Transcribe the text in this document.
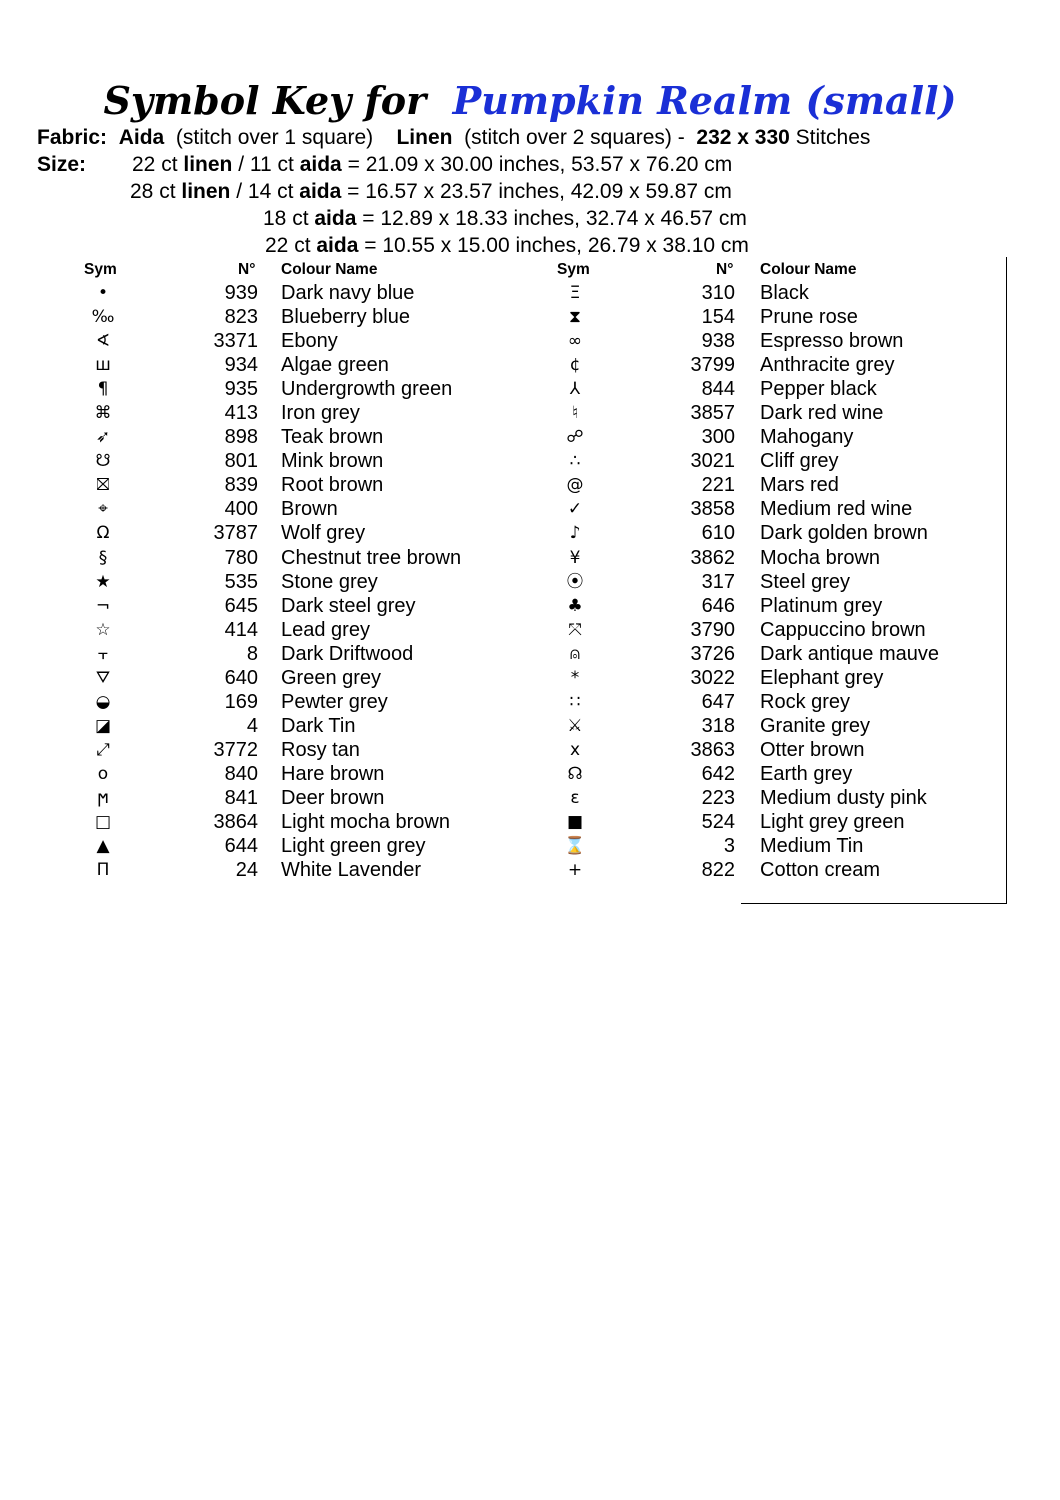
Symbol Key for Pumpkin Realm (small)
Fabric: Aida (stitch over 1 square) Linen (stitch over 2 squares) - 232 x 330 Stitches
Size: 22 ct linen / 11 ct aida = 21.09 x 30.00 inches, 53.57 x 76.20 cm
28 ct linen / 14 ct aida = 16.57 x 23.57 inches, 42.09 x 59.87 cm
18 ct aida = 12.89 x 18.33 inches, 32.74 x 46.57 cm
22 ct aida = 10.55 x 15.00 inches, 26.79 x 38.10 cm
Sym	N° Colour Name
•	939 Dark navy blue
‰	823 Blueberry blue
∢	3371 Ebony
ш	934 Algae green
¶	935 Undergrowth green
⌘	413 Iron grey
➶	898 Teak brown
☋	801 Mink brown
⛝	839 Root brown
⌖	400 Brown
Ω	3787 Wolf grey
§	780 Chestnut tree brown
★	535 Stone grey
¬	645 Dark steel grey
☆	414 Lead grey
⫟	8 Dark Driftwood
⛛	640 Green grey
◒	169 Pewter grey
◪	4 Dark Tin
⤢	3772 Rosy tan
o	840 Hare brown
ϻ	841 Deer brown
□	3864 Light mocha brown
▲	644 Light green grey
Π	24 White Lavender
Sym	N° Colour Name
Ξ	310 Black
⧗	154 Prune rose
∞	938 Espresso brown
¢	3799 Anthracite grey
⅄	844 Pepper black
♮	3857 Dark red wine
☍	300 Mahogany
∴	3021 Cliff grey
@	221 Mars red
✓	3858 Medium red wine
♪	610 Dark golden brown
¥	3862 Mocha brown
⦿	317 Steel grey
♣	646 Platinum grey
⤧	3790 Cappuccino brown
⍝	3726 Dark antique mauve
*	3022 Elephant grey
∷	647 Rock grey
⚔	318 Granite grey
x	3863 Otter brown
☊	642 Earth grey
ɛ	223 Medium dusty pink
■	524 Light grey green
⌛	3 Medium Tin
+	822 Cotton cream
